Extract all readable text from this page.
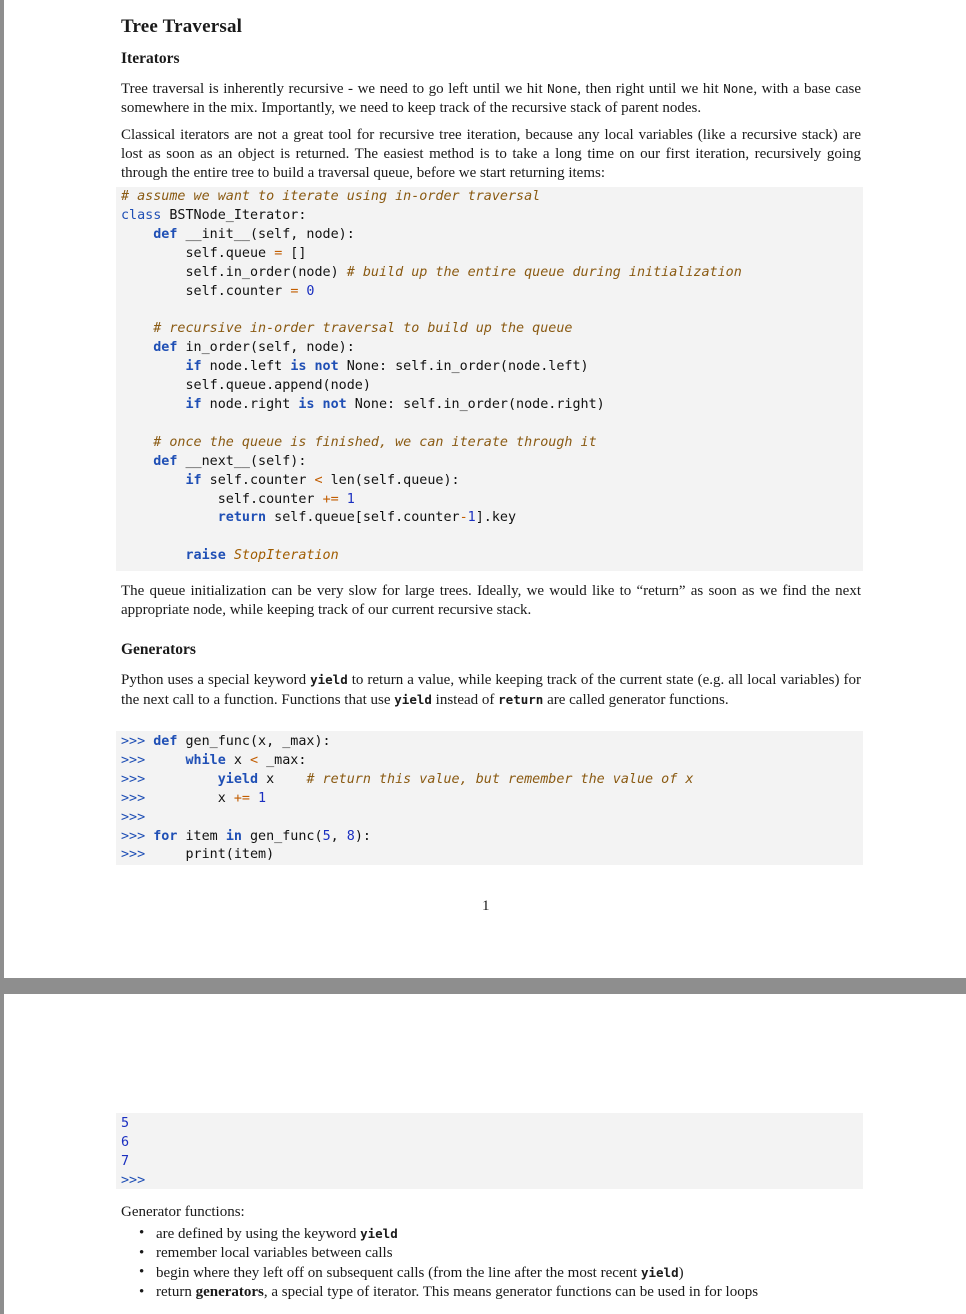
Tree Traversal
Iterators

Tree traversal is inherently recursive - we need to go left until we hit None, then right until we hit None, with a base case somewhere in the mix. Importantly, we need to keep track of the recursive stack of parent nodes.

Classical iterators are not a great tool for recursive tree iteration, because any local variables (like a recursive stack) are lost as soon as an object is returned. The easiest method is to take a long time on our first iteration, recursively going through the entire tree to build a traversal queue, before we start returning items:

# assume we want to iterate using in-order traversal
class BSTNode_Iterator:
def __init__(self, node):
self.queue = []
self.in_order(node) # build up the entire queue during initialization
self.counter = 0

# recursive in-order traversal to build up the queue
def in_order(self, node):
if node.left is not None: self.in_order(node.left)
self.queue.append(node)
if node.right is not None: self.in_order(node.right)

# once the queue is finished, we can iterate through it
def __next__(self):
if self.counter < len(self.queue):
self.counter += 1
return self.queue[self.counter-1].key

raise StopIteration

The queue initialization can be very slow for large trees. Ideally, we would like to “return” as soon as we find the next appropriate node, while keeping track of our current recursive stack.

Generators

Python uses a special keyword yield to return a value, while keeping track of the current state (e.g. all local variables) for the next call to a function. Functions that use yield instead of return are called generator functions.

>>> def gen_func(x, _max):
>>>	while x < _max:
>>>	yield x # return this value, but remember the value of x
>>>	x += 1
>>>
>>> for item in gen_func(5, 8):
>>>	print(item)
1
5
6
7
>>>

Generator functions:

• are defined by using the keyword yield
• remember local variables between calls
• begin where they left off on subsequent calls (from the line after the most recent yield)
• return generators, a special type of iterator. This means generator functions can be used in for loops
